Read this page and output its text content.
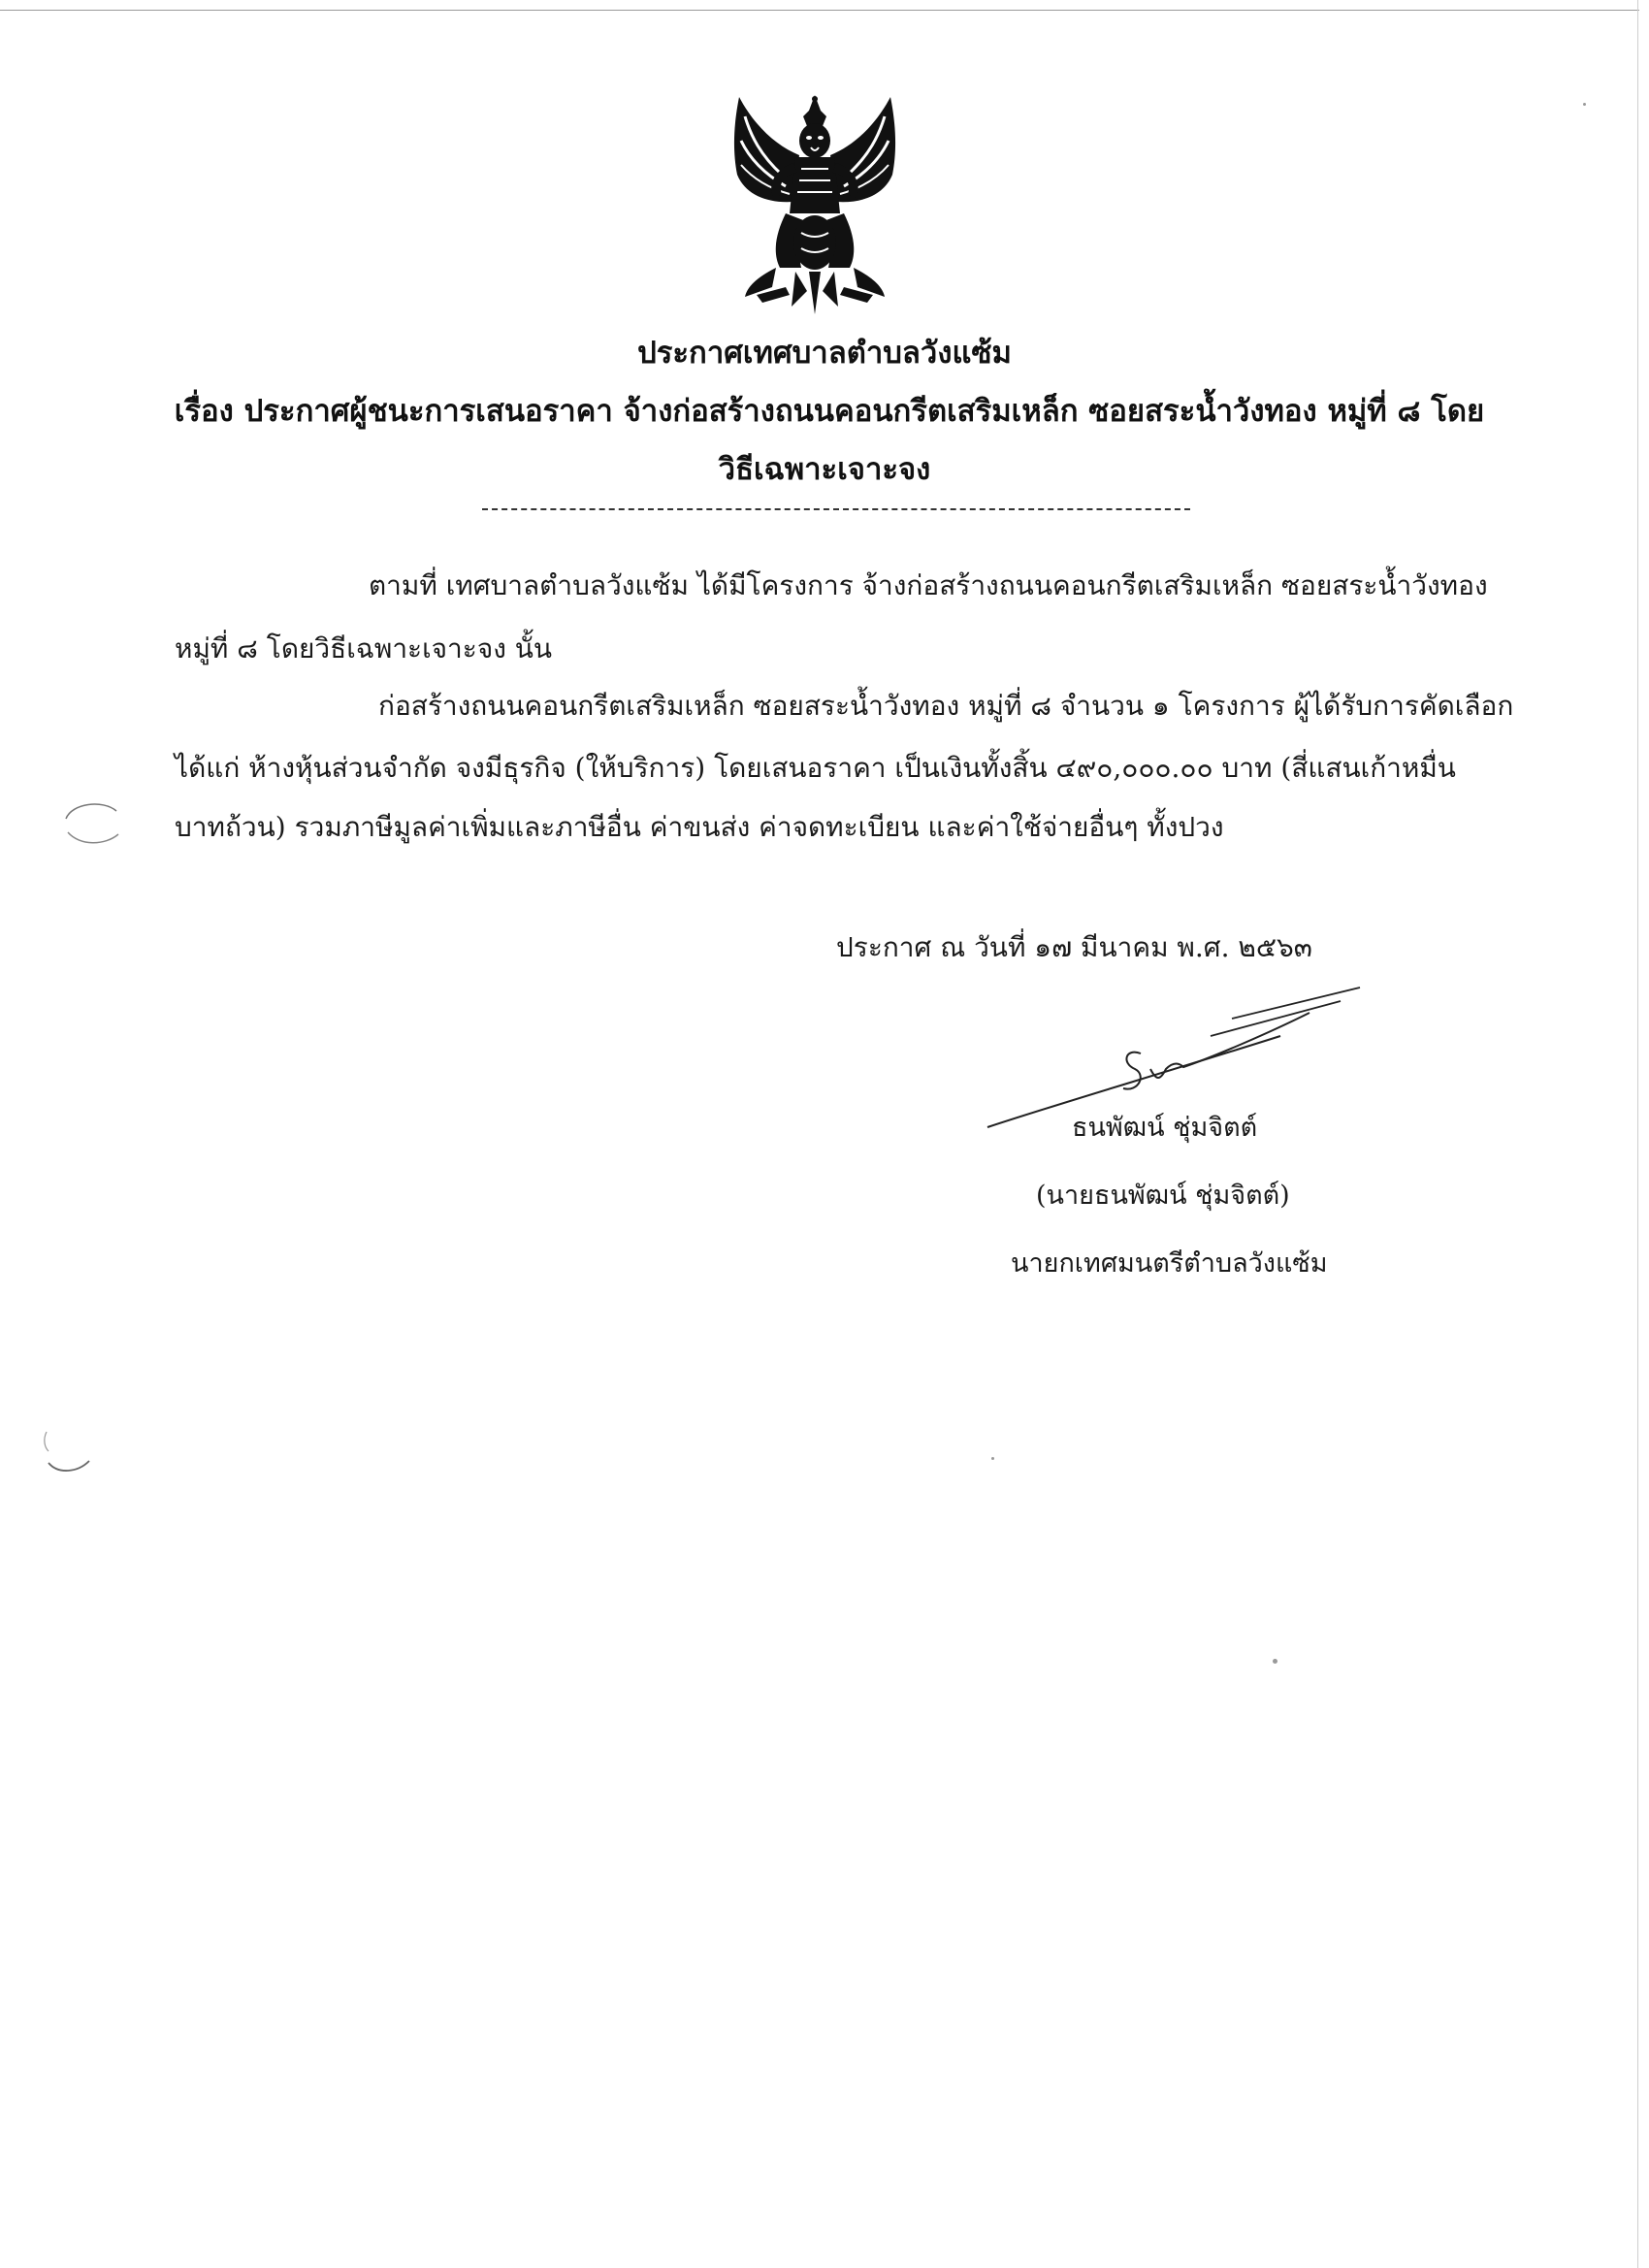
ประกาศเทศบาลตำบลวังแซ้ม
เรื่อง ประกาศผู้ชนะการเสนอราคา จ้างก่อสร้างถนนคอนกรีตเสริมเหล็ก ซอยสระน้ำวังทอง หมู่ที่ ๘ โดย
วิธีเฉพาะเจาะจง
ตามที่ เทศบาลตำบลวังแซ้ม ได้มีโครงการ จ้างก่อสร้างถนนคอนกรีตเสริมเหล็ก ซอยสระน้ำวังทอง
หมู่ที่ ๘ โดยวิธีเฉพาะเจาะจง นั้น
ก่อสร้างถนนคอนกรีตเสริมเหล็ก ซอยสระน้ำวังทอง หมู่ที่ ๘ จำนวน ๑ โครงการ ผู้ได้รับการคัดเลือก
ได้แก่ ห้างหุ้นส่วนจำกัด จงมีธุรกิจ (ให้บริการ) โดยเสนอราคา เป็นเงินทั้งสิ้น ๔๙๐,๐๐๐.๐๐ บาท (สี่แสนเก้าหมื่น
บาทถ้วน) รวมภาษีมูลค่าเพิ่มและภาษีอื่น ค่าขนส่ง ค่าจดทะเบียน และค่าใช้จ่ายอื่นๆ ทั้งปวง
ประกาศ ณ วันที่ ๑๗ มีนาคม พ.ศ. ๒๕๖๓
ธนพัฒน์ ชุ่มจิตต์
(นายธนพัฒน์ ชุ่มจิตต์)
นายกเทศมนตรีตำบลวังแซ้ม
